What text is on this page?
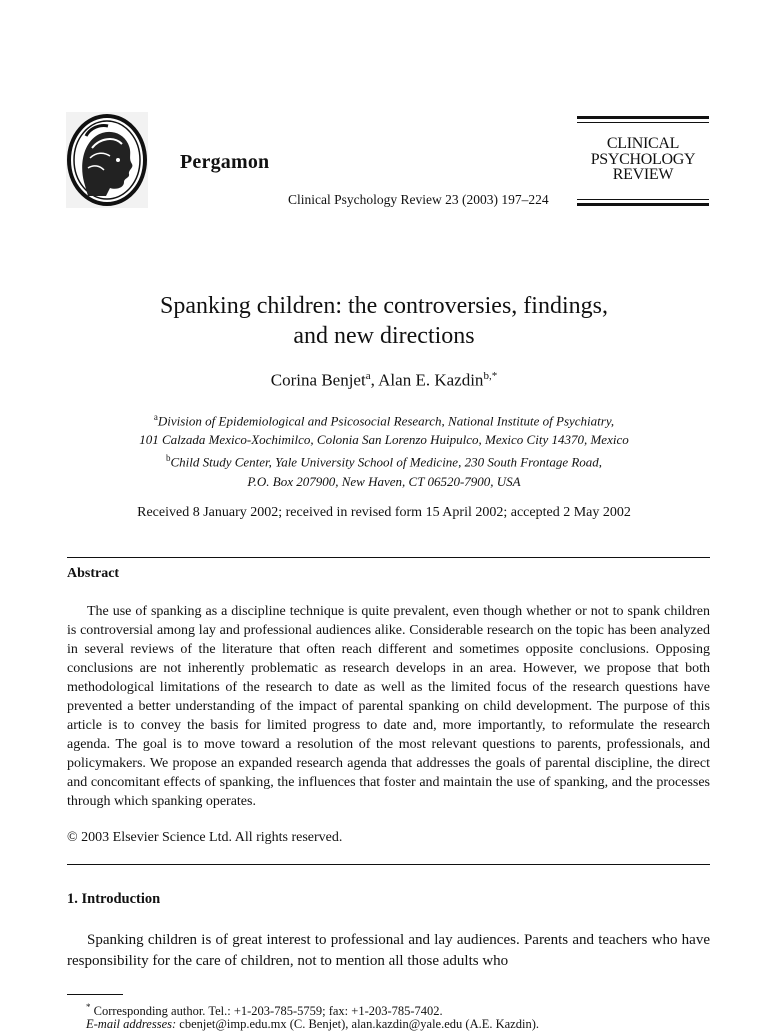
Pergamon
Clinical Psychology Review 23 (2003) 197–224
CLINICAL
PSYCHOLOGY
REVIEW
Spanking children: the controversies, findings,
and new directions
Corina Benjet$^a$, Alan E. Kazdin$^{b,*}$
$^a$Division of Epidemiological and Psicosocial Research, National Institute of Psychiatry,
101 Calzada Mexico-Xochimilco, Colonia San Lorenzo Huipulco, Mexico City 14370, Mexico
$^b$Child Study Center, Yale University School of Medicine, 230 South Frontage Road,
P.O. Box 207900, New Haven, CT 06520-7900, USA
Received 8 January 2002; received in revised form 15 April 2002; accepted 2 May 2002
Abstract

The use of spanking as a discipline technique is quite prevalent, even though whether or not to spank children is controversial among lay and professional audiences alike. Considerable research on the topic has been analyzed in several reviews of the literature that often reach different and sometimes opposite conclusions. Opposing conclusions are not inherently problematic as research develops in an area. However, we propose that both methodological limitations of the research to date as well as the limited focus of the research questions have prevented a better understanding of the impact of parental spanking on child development. The purpose of this article is to convey the basis for limited progress to date and, more importantly, to reformulate the research agenda. The goal is to move toward a resolution of the most relevant questions to parents, professionals, and policymakers. We propose an expanded research agenda that addresses the goals of parental discipline, the direct and concomitant effects of spanking, the influences that foster and maintain the use of spanking, and the processes through which spanking operates.

© 2003 Elsevier Science Ltd. All rights reserved.
1. Introduction

Spanking children is of great interest to professional and lay audiences. Parents and teachers who have responsibility for the care of children, not to mention all those adults who

* Corresponding author. Tel.: +1-203-785-5759; fax: +1-203-785-7402.
E-mail addresses: cbenjet@imp.edu.mx (C. Benjet), alan.kazdin@yale.edu (A.E. Kazdin).
